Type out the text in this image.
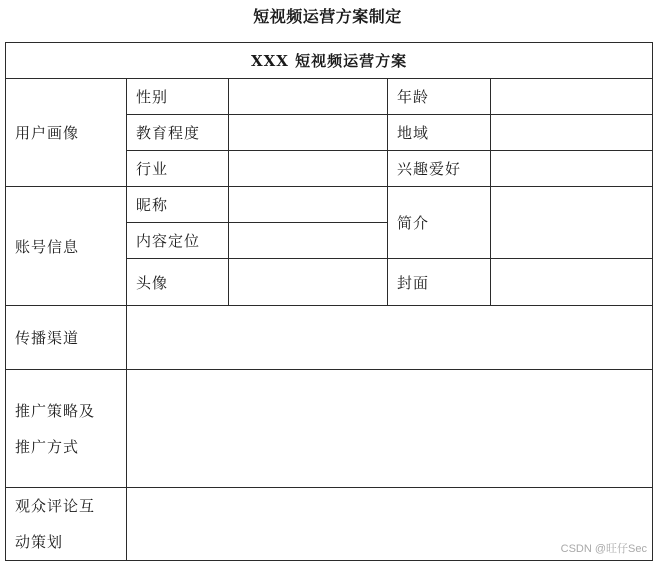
短视频运营方案制定
XXX 短视频运营方案				
用户画像	性别		年龄	
	教育程度		地域	
	行业		兴趣爱好	
账号信息	昵称		简介	
	内容定位			
	头像		封面	
传播渠道				

推广策略及
推广方式				

观众评论互
动策划				
		CSDN @旺仔Sec
